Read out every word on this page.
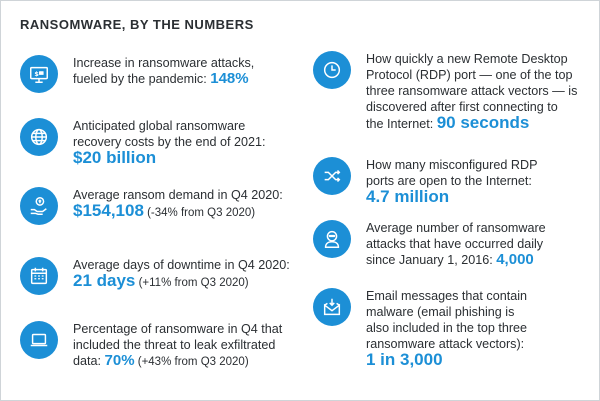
RANSOMWARE, BY THE NUMBERS
$
Increase in ransomware attacks,
fueled by the pandemic: 148%
Anticipated global ransomware
recovery costs by the end of 2021:
$20 billion
Average ransom demand in Q4 2020:
$154,108 (-34% from Q3 2020)
Average days of downtime in Q4 2020:
21 days (+11% from Q3 2020)
Percentage of ransomware in Q4 that
included the threat to leak exfiltrated
data: 70% (+43% from Q3 2020)
How quickly a new Remote Desktop
Protocol (RDP) port — one of the top
three ransomware attack vectors — is
discovered after first connecting to
the Internet: 90 seconds
How many misconfigured RDP
ports are open to the Internet:
4.7 million
Average number of ransomware
attacks that have occurred daily
since January 1, 2016: 4,000
Email messages that contain
malware (email phishing is
also included in the top three
ransomware attack vectors):
1 in 3,000
